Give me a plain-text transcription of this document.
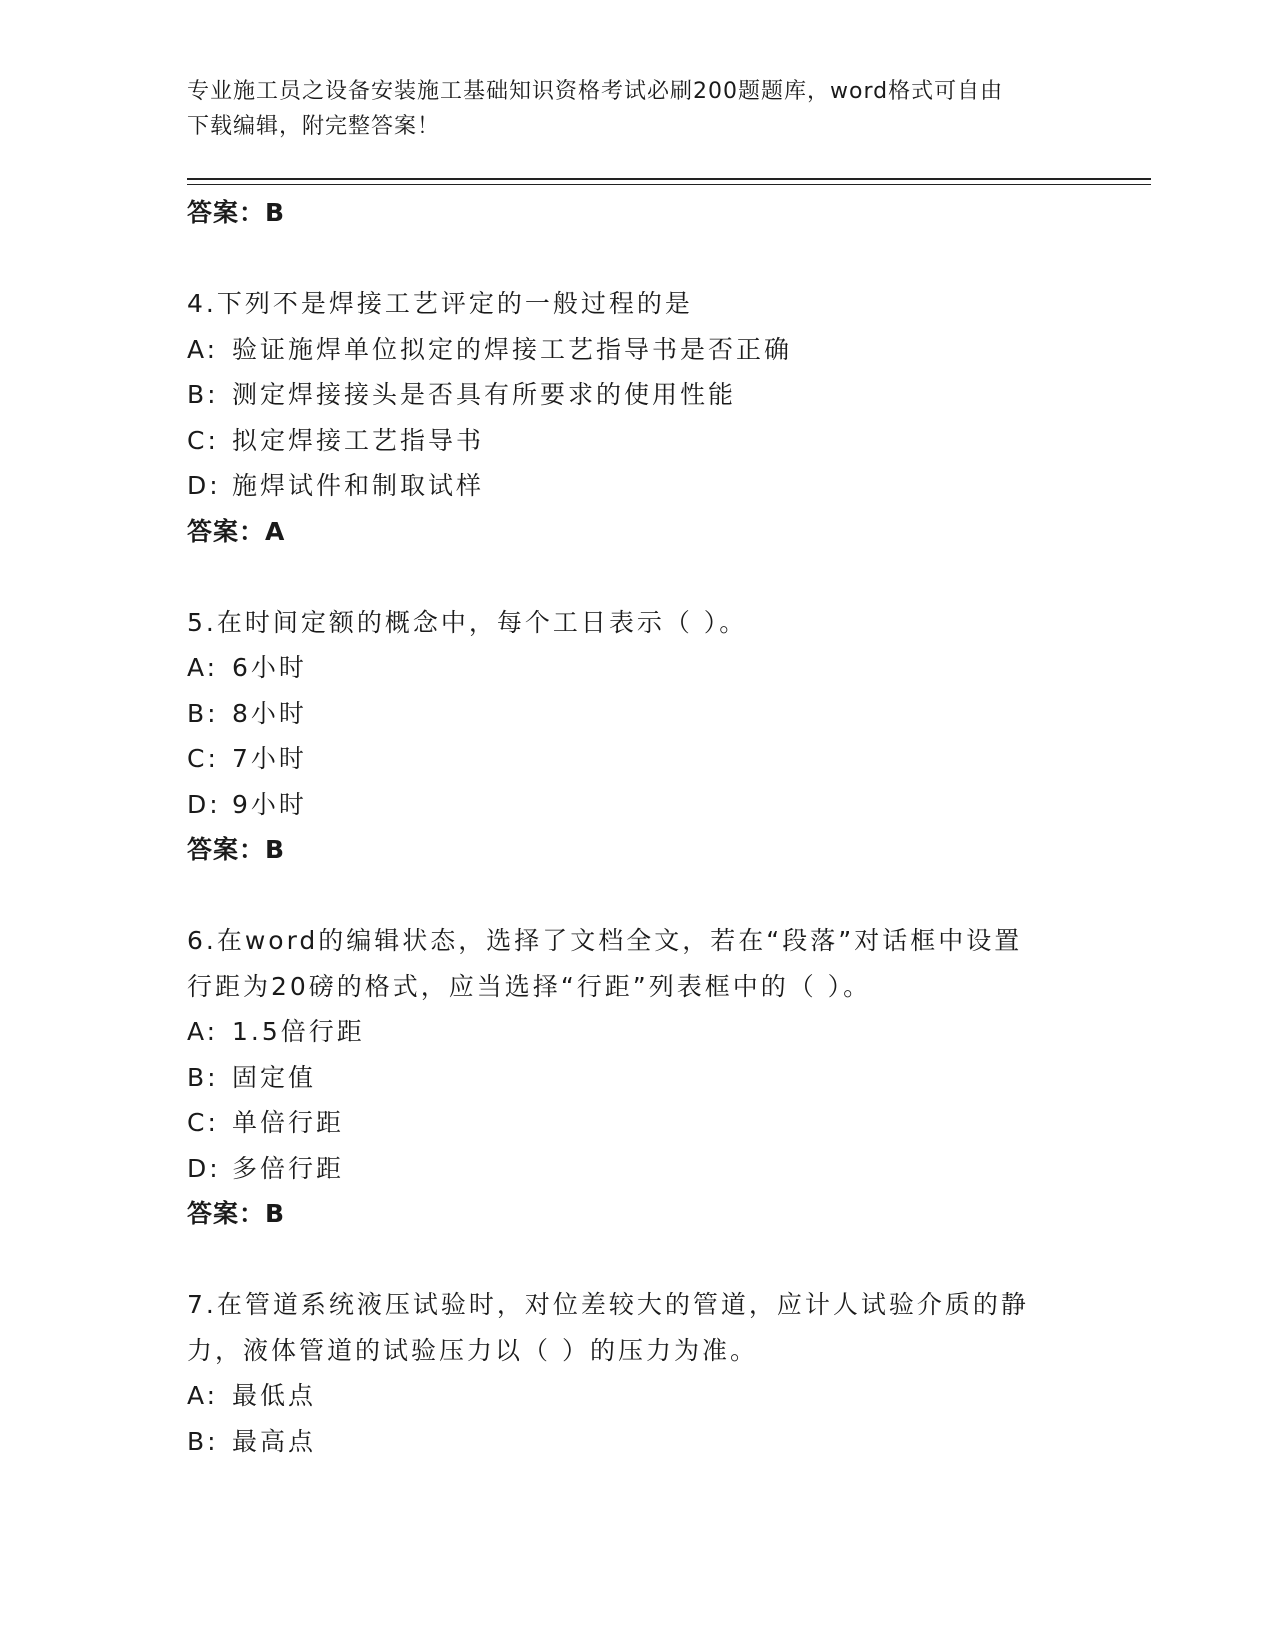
专业施工员之设备安装施工基础知识资格考试必刷200题题库，word格式可自由
下载编辑，附完整答案！
答案：B
4.下列不是焊接工艺评定的一般过程的是
A: 验证施焊单位拟定的焊接工艺指导书是否正确
B: 测定焊接接头是否具有所要求的使用性能
C: 拟定焊接工艺指导书
D: 施焊试件和制取试样
答案：A
5.在时间定额的概念中，每个工日表示（ ）。
A: 6小时
B: 8小时
C: 7小时
D: 9小时
答案：B
6.在word的编辑状态，选择了文档全文，若在“段落”对话框中设置
行距为20磅的格式，应当选择“行距”列表框中的（ ）。
A: 1.5倍行距
B: 固定值
C: 单倍行距
D: 多倍行距
答案：B
7.在管道系统液压试验时，对位差较大的管道，应计人试验介质的静
力，液体管道的试验压力以（ ）的压力为准。
A: 最低点
B: 最高点
